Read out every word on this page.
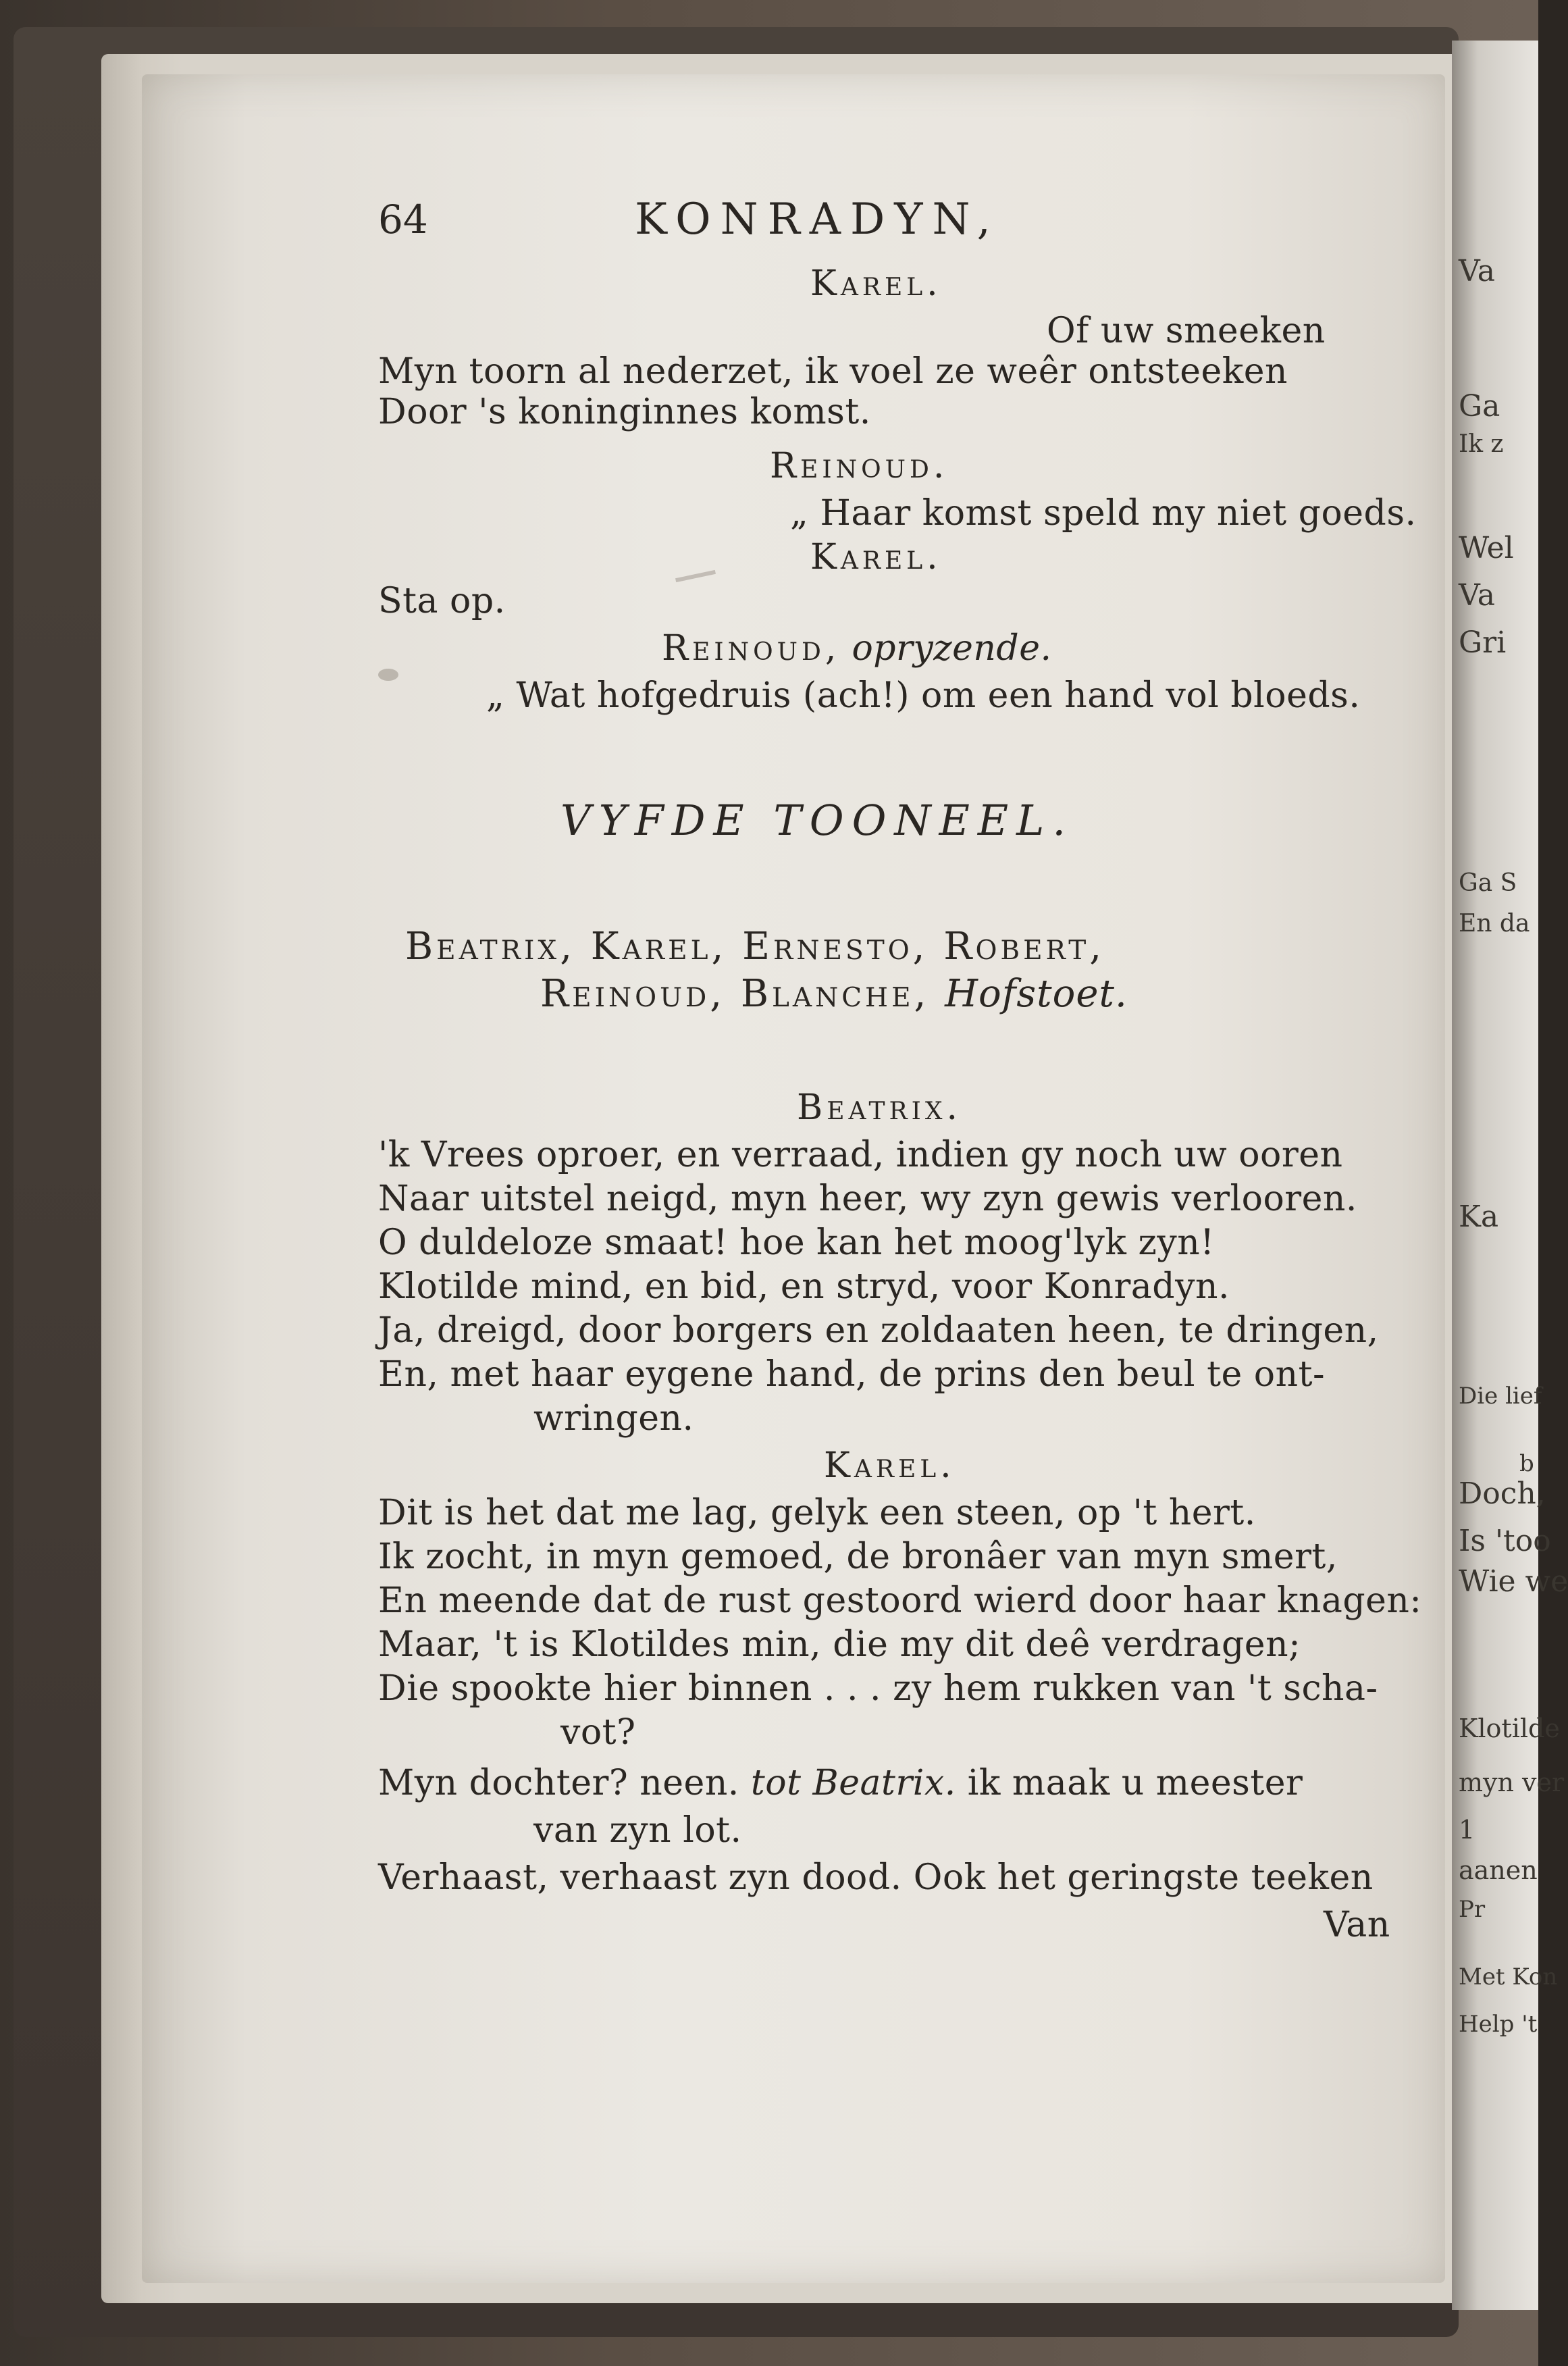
Va
Ga
Ik z
Wel
Va
Gri
Ga S
En da
Ka
Die lief
b
Doch,
Is 'too
Wie we
Klotilde
myn ver
1
aanen
Pr
Met Kon
Help 't
64	KONRADYN,
Karel.
Of uw smeeken
Myn toorn al nederzet, ik voel ze weêr ontsteeken
Door 's koninginnes komst.
Reinoud.
„ Haar komst speld my niet goeds.
Karel.
Sta op.
Reinoud, opryzende.
„ Wat hofgedruis (ach!) om een hand vol bloeds.
VYFDE TOONEEL.
Beatrix, Karel, Ernesto, Robert,
Reinoud, Blanche, Hofstoet.
Beatrix.
'k Vrees oproer, en verraad, indien gy noch uw ooren
Naar uitstel neigd, myn heer, wy zyn gewis verlooren.
O duldeloze smaat! hoe kan het moog'lyk zyn!
Klotilde mind, en bid, en stryd, voor Konradyn.
Ja, dreigd, door borgers en zoldaaten heen, te dringen,
En, met haar eygene hand, de prins den beul te ont-
wringen.
Karel.
Dit is het dat me lag, gelyk een steen, op 't hert.
Ik zocht, in myn gemoed, de bronâer van myn smert,
En meende dat de rust gestoord wierd door haar knagen:
Maar, 't is Klotildes min, die my dit deê verdragen;
Die spookte hier binnen . . . zy hem rukken van 't scha-
vot?
Myn dochter? neen. tot Beatrix. ik maak u meester
van zyn lot.
Verhaast, verhaast zyn dood. Ook het geringste teeken
Van
